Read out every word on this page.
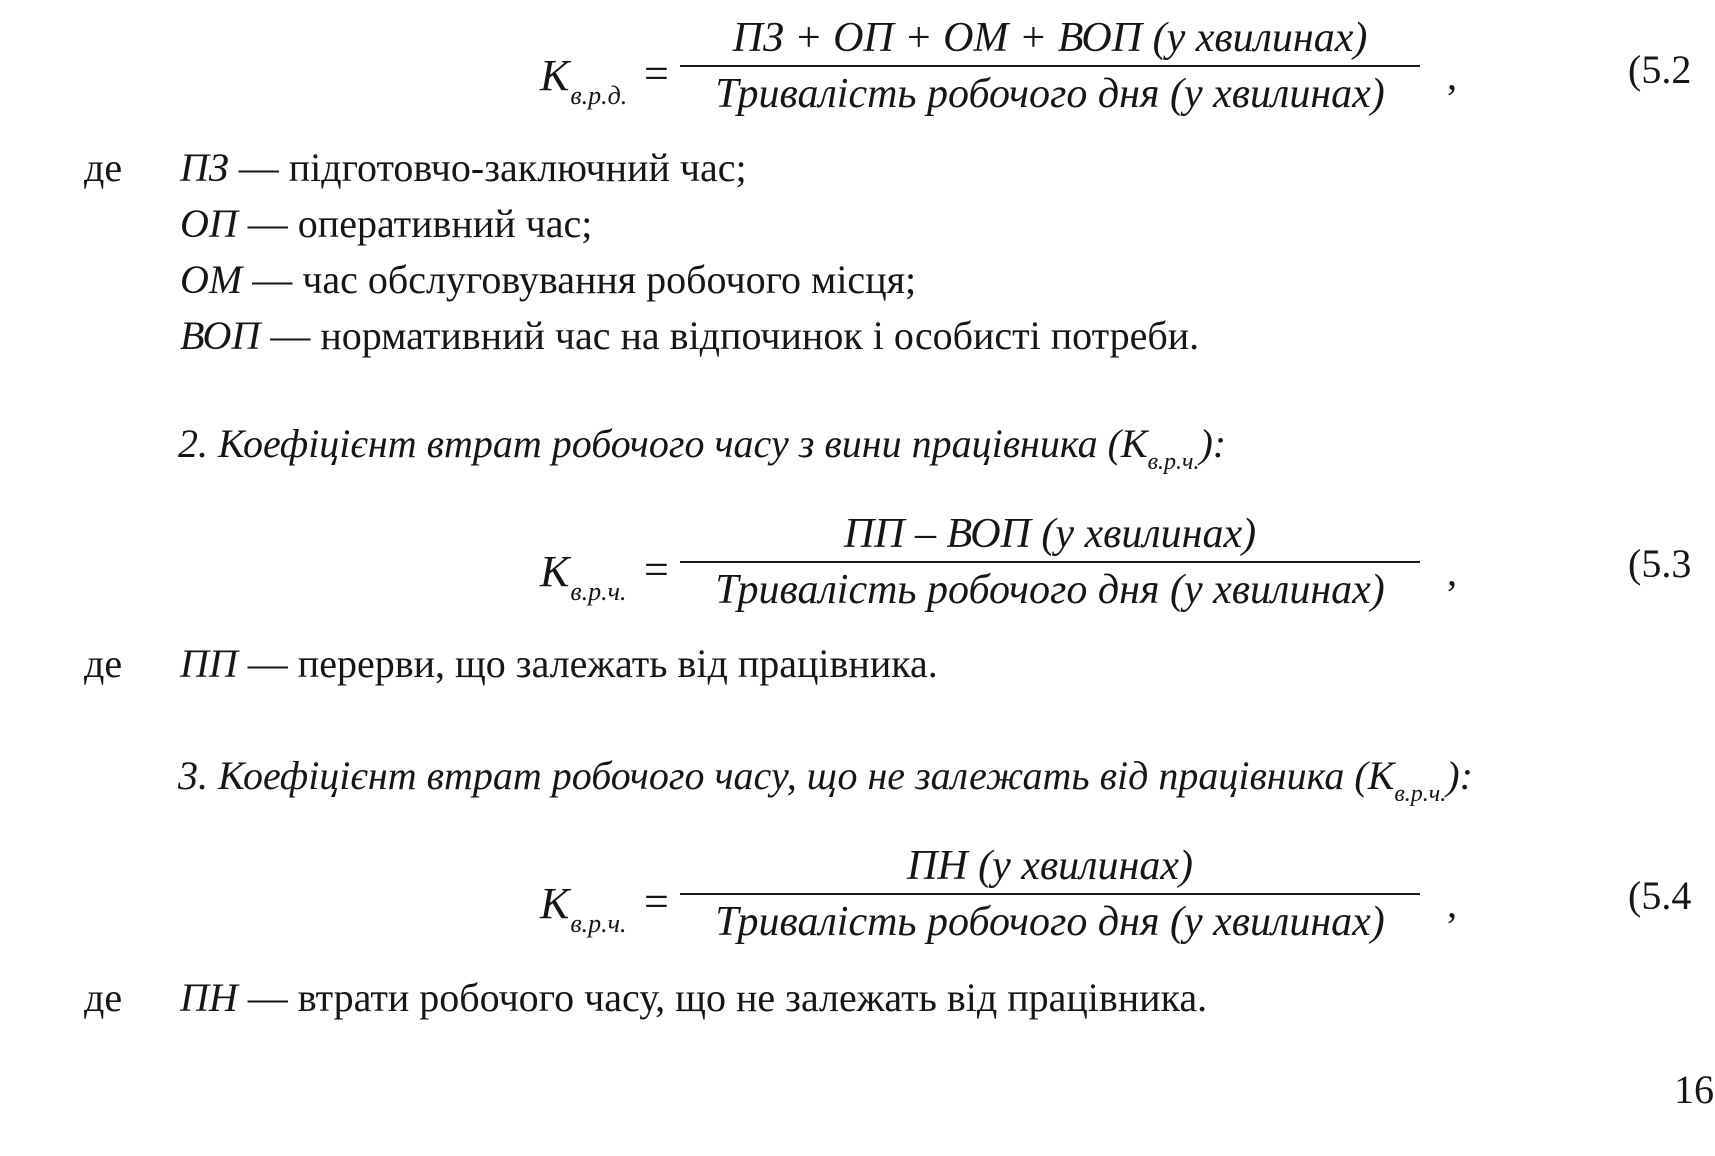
$K_{в.р.д.}$ =
ПЗ + ОП + ОМ + ВОП (у хвилинах)
Тривалість робочого дня (у хвилинах)	,	(5.2
де ПЗ — підготовчо-заключний час;
ОП — оперативний час;
ОМ — час обслуговування робочого місця;
ВОП — нормативний час на відпочинок і особисті потреби.
2. Коефіцієнт втрат робочого часу з вини працівника $(K_{в.р.ч.})$:
$K_{в.р.ч.}$ =
ПП – ВОП (у хвилинах)
Тривалість робочого дня (у хвилинах)	,	(5.3
де ПП — перерви, що залежать від працівника.
3. Коефіцієнт втрат робочого часу, що не залежать від працівника $(K_{в.р.ч.})$:
$K_{в.р.ч.}$ =
ПН (у хвилинах)
Тривалість робочого дня (у хвилинах)	,	(5.4
де ПН — втрати робочого часу, що не залежать від працівника.
16
